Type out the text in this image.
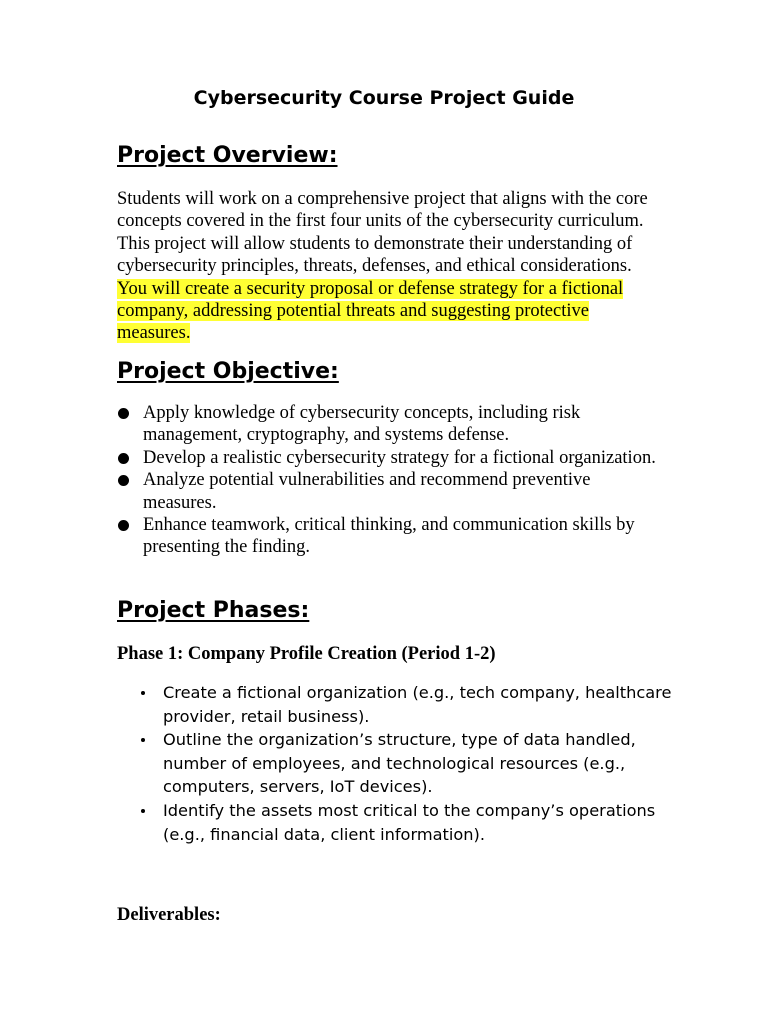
Cybersecurity Course Project Guide
Project Overview:

Students will work on a comprehensive project that aligns with the core concepts covered in the first four units of the cybersecurity curriculum. This project will allow students to demonstrate their understanding of cybersecurity principles, threats, defenses, and ethical considerations. You will create a security proposal or defense strategy for a fictional company, addressing potential threats and suggesting protective measures.

Project Objective:
Apply knowledge of cybersecurity concepts, including risk management, cryptography, and systems defense.
Develop a realistic cybersecurity strategy for a fictional organization.
Analyze potential vulnerabilities and recommend preventive measures.
Enhance teamwork, critical thinking, and communication skills by presenting the finding.
Project Phases:
Phase 1: Company Profile Creation (Period 1-2)
Create a fictional organization (e.g., tech company, healthcare provider, retail business).
Outline the organization’s structure, type of data handled, number of employees, and technological resources (e.g., computers, servers, IoT devices).
Identify the assets most critical to the company’s operations (e.g., financial data, client information).

Deliverables:
